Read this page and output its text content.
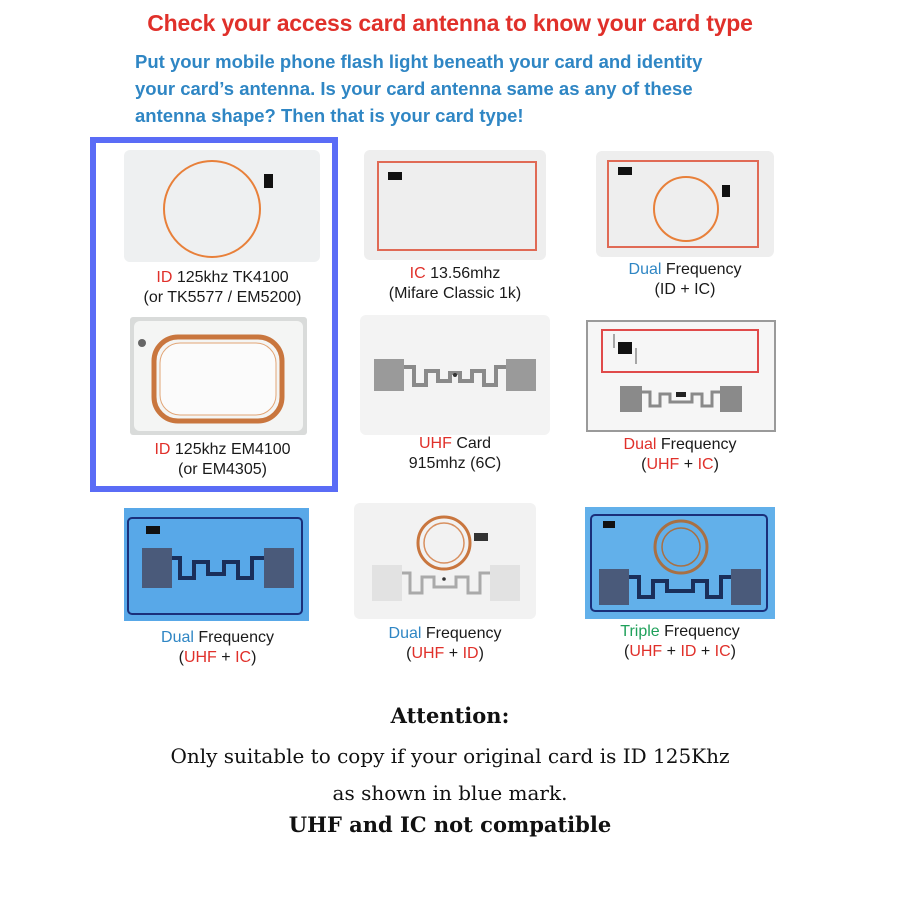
Check your access card antenna to know your card type
Put your mobile phone flash light beneath your card and identity
your card’s antenna. Is your card antenna same as any of these
antenna shape? Then that is your card type!
ID 125khz TK4100
(or TK5577 / EM5200)
IC 13.56mhz
(Mifare Classic 1k)
Dual Frequency
(ID + IC)
ID 125khz EM4100
(or EM4305)
UHF Card
915mhz (6C)
Dual Frequency
(UHF + IC)
Dual Frequency
(UHF + IC)
Dual Frequency
(UHF + ID)
Triple Frequency
(UHF + ID + IC)
Attention:
Only suitable to copy if your original card is ID 125Khz
as shown in blue mark.
UHF and IC not compatible
